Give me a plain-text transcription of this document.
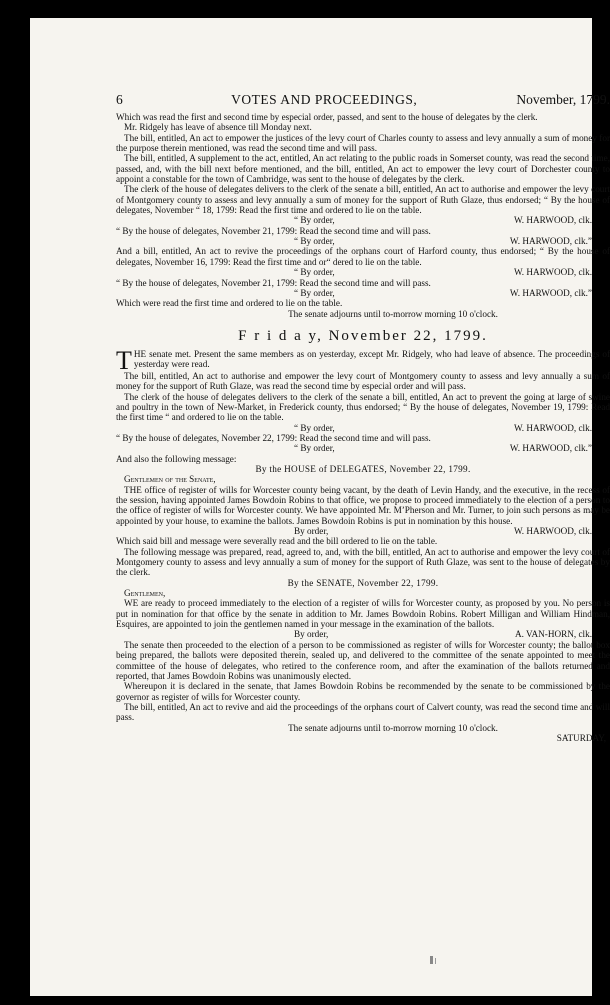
6	VOTES AND PROCEEDINGS,	November, 1799.

Which was read the first and second time by especial order, passed, and sent to the house of delegates by the clerk.

Mr. Ridgely has leave of absence till Monday next.

The bill, entitled, An act to empower the justices of the levy court of Charles county to assess and levy annually a sum of money for the purpose therein mentioned, was read the second time and will pass.

The bill, entitled, A supplement to the act, entitled, An act relating to the public roads in Somerset county, was read the second time, passed, and, with the bill next before mentioned, and the bill, entitled, An act to empower the levy court of Dorchester county to appoint a constable for the town of Cambridge, was sent to the house of delegates by the clerk.

The clerk of the house of delegates delivers to the clerk of the senate a bill, entitled, An act to authorise and empower the levy court of Montgomery county to assess and levy annually a sum of money for the support of Ruth Glaze, thus endorsed; “ By the house of delegates, November “ 18, 1799: Read the first time and ordered to lie on the table.

“ By order,	W. HARWOOD, clk.

“ By the house of delegates, November 21, 1799: Read the second time and will pass.

“ By order,	W. HARWOOD, clk.”

And a bill, entitled, An act to revive the proceedings of the orphans court of Harford county, thus endorsed; “ By the house of delegates, November 16, 1799: Read the first time and or“ dered to lie on the table.

“ By order,	W. HARWOOD, clk.

“ By the house of delegates, November 21, 1799: Read the second time and will pass.

“ By order,	W. HARWOOD, clk.”

Which were read the first time and ordered to lie on the table.

The senate adjourns until to-morrow morning 10 o'clock.

F r i d a y, November 22, 1799.

THE senate met. Present the same members as on yesterday, except Mr. Ridgely, who had leave of absence. The proceedings of yesterday were read.

The bill, entitled, An act to authorise and empower the levy court of Montgomery county to assess and levy annually a sum of money for the support of Ruth Glaze, was read the second time by especial order and will pass.

The clerk of the house of delegates delivers to the clerk of the senate a bill, entitled, An act to prevent the going at large of swine and poultry in the town of New-Market, in Frederick county, thus endorsed; “ By the house of delegates, November 19, 1799: Read the first time “ and ordered to lie on the table.

“ By order,	W. HARWOOD, clk.

“ By the house of delegates, November 22, 1799: Read the second time and will pass.

“ By order,	W. HARWOOD, clk.”

And also the following message:

By the HOUSE of DELEGATES, November 22, 1799.

Gentlemen of the Senate,

THE office of register of wills for Worcester county being vacant, by the death of Levin Handy, and the executive, in the recess of the session, having appointed James Bowdoin Robins to that office, we propose to proceed immediately to the election of a person to the office of register of wills for Worcester county. We have appointed Mr. M’Pherson and Mr. Turner, to join such persons as may be appointed by your house, to examine the ballots. James Bowdoin Robins is put in nomination by this house.

By order,	W. HARWOOD, clk.

Which said bill and message were severally read and the bill ordered to lie on the table.

The following message was prepared, read, agreed to, and, with the bill, entitled, An act to authorise and empower the levy court of Montgomery county to assess and levy annually a sum of money for the support of Ruth Glaze, was sent to the house of delegates by the clerk.

By the SENATE, November 22, 1799.

Gentlemen,

WE are ready to proceed immediately to the election of a register of wills for Worcester county, as proposed by you. No person is put in nomination for that office by the senate in addition to Mr. James Bowdoin Robins. Robert Milligan and William Hindman, Esquires, are appointed to join the gentlemen named in your message in the examination of the ballots.

By order,	A. VAN-HORN, clk.

The senate then proceeded to the election of a person to be commissioned as register of wills for Worcester county; the ballot box being prepared, the ballots were deposited therein, sealed up, and delivered to the committee of the senate appointed to meet the committee of the house of delegates, who retired to the conference room, and after the examination of the ballots returned and reported, that James Bowdoin Robins was unanimously elected.

Whereupon it is declared in the senate, that James Bowdoin Robins be recommended by the senate to be commissioned by the governor as register of wills for Worcester county.

The bill, entitled, An act to revive and aid the proceedings of the orphans court of Calvert county, was read the second time and will pass.

The senate adjourns until to-morrow morning 10 o'clock.

SATURDAY,
